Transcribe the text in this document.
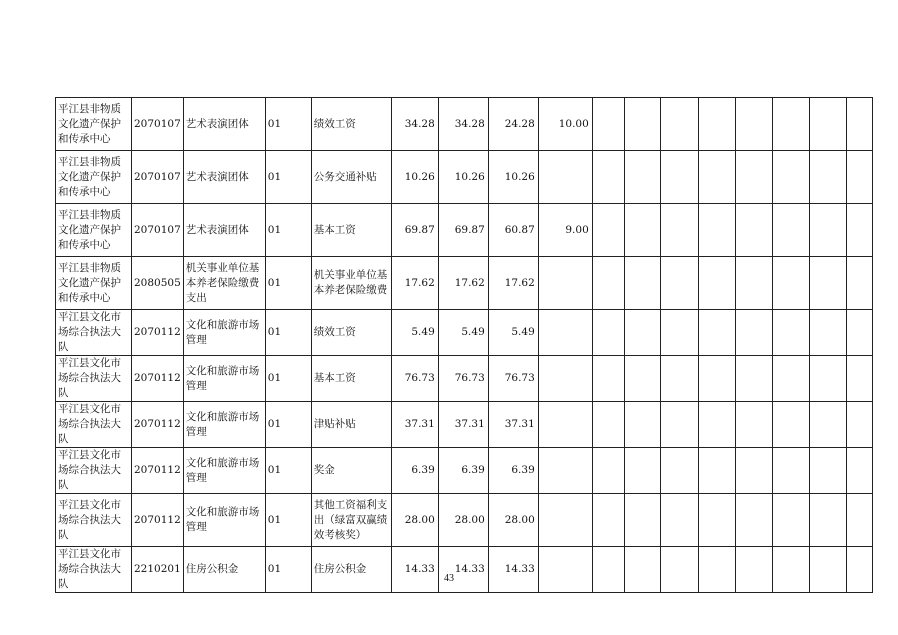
平江县非物质文化遗产保护和传承中心	2070107	艺术表演团体	01	绩效工资	34.28	34.28	24.28	10.00								
平江县非物质文化遗产保护和传承中心	2070107	艺术表演团体	01	公务交通补贴	10.26	10.26	10.26									
平江县非物质文化遗产保护和传承中心	2070107	艺术表演团体	01	基本工资	69.87	69.87	60.87	9.00								
平江县非物质文化遗产保护和传承中心	2080505	机关事业单位基本养老保险缴费支出	01	机关事业单位基本养老保险缴费	17.62	17.62	17.62									
平江县文化市场综合执法大队	2070112	文化和旅游市场管理	01	绩效工资	5.49	5.49	5.49									
平江县文化市场综合执法大队	2070112	文化和旅游市场管理	01	基本工资	76.73	76.73	76.73									
平江县文化市场综合执法大队	2070112	文化和旅游市场管理	01	津贴补贴	37.31	37.31	37.31									
平江县文化市场综合执法大队	2070112	文化和旅游市场管理	01	奖金	6.39	6.39	6.39									
平江县文化市场综合执法大队	2070112	文化和旅游市场管理	01	其他工资福利支出（绿富双赢绩效考核奖）	28.00	28.00	28.00									
平江县文化市场综合执法大队	2210201	住房公积金	01	住房公积金	14.33	14.33	14.33									
43
